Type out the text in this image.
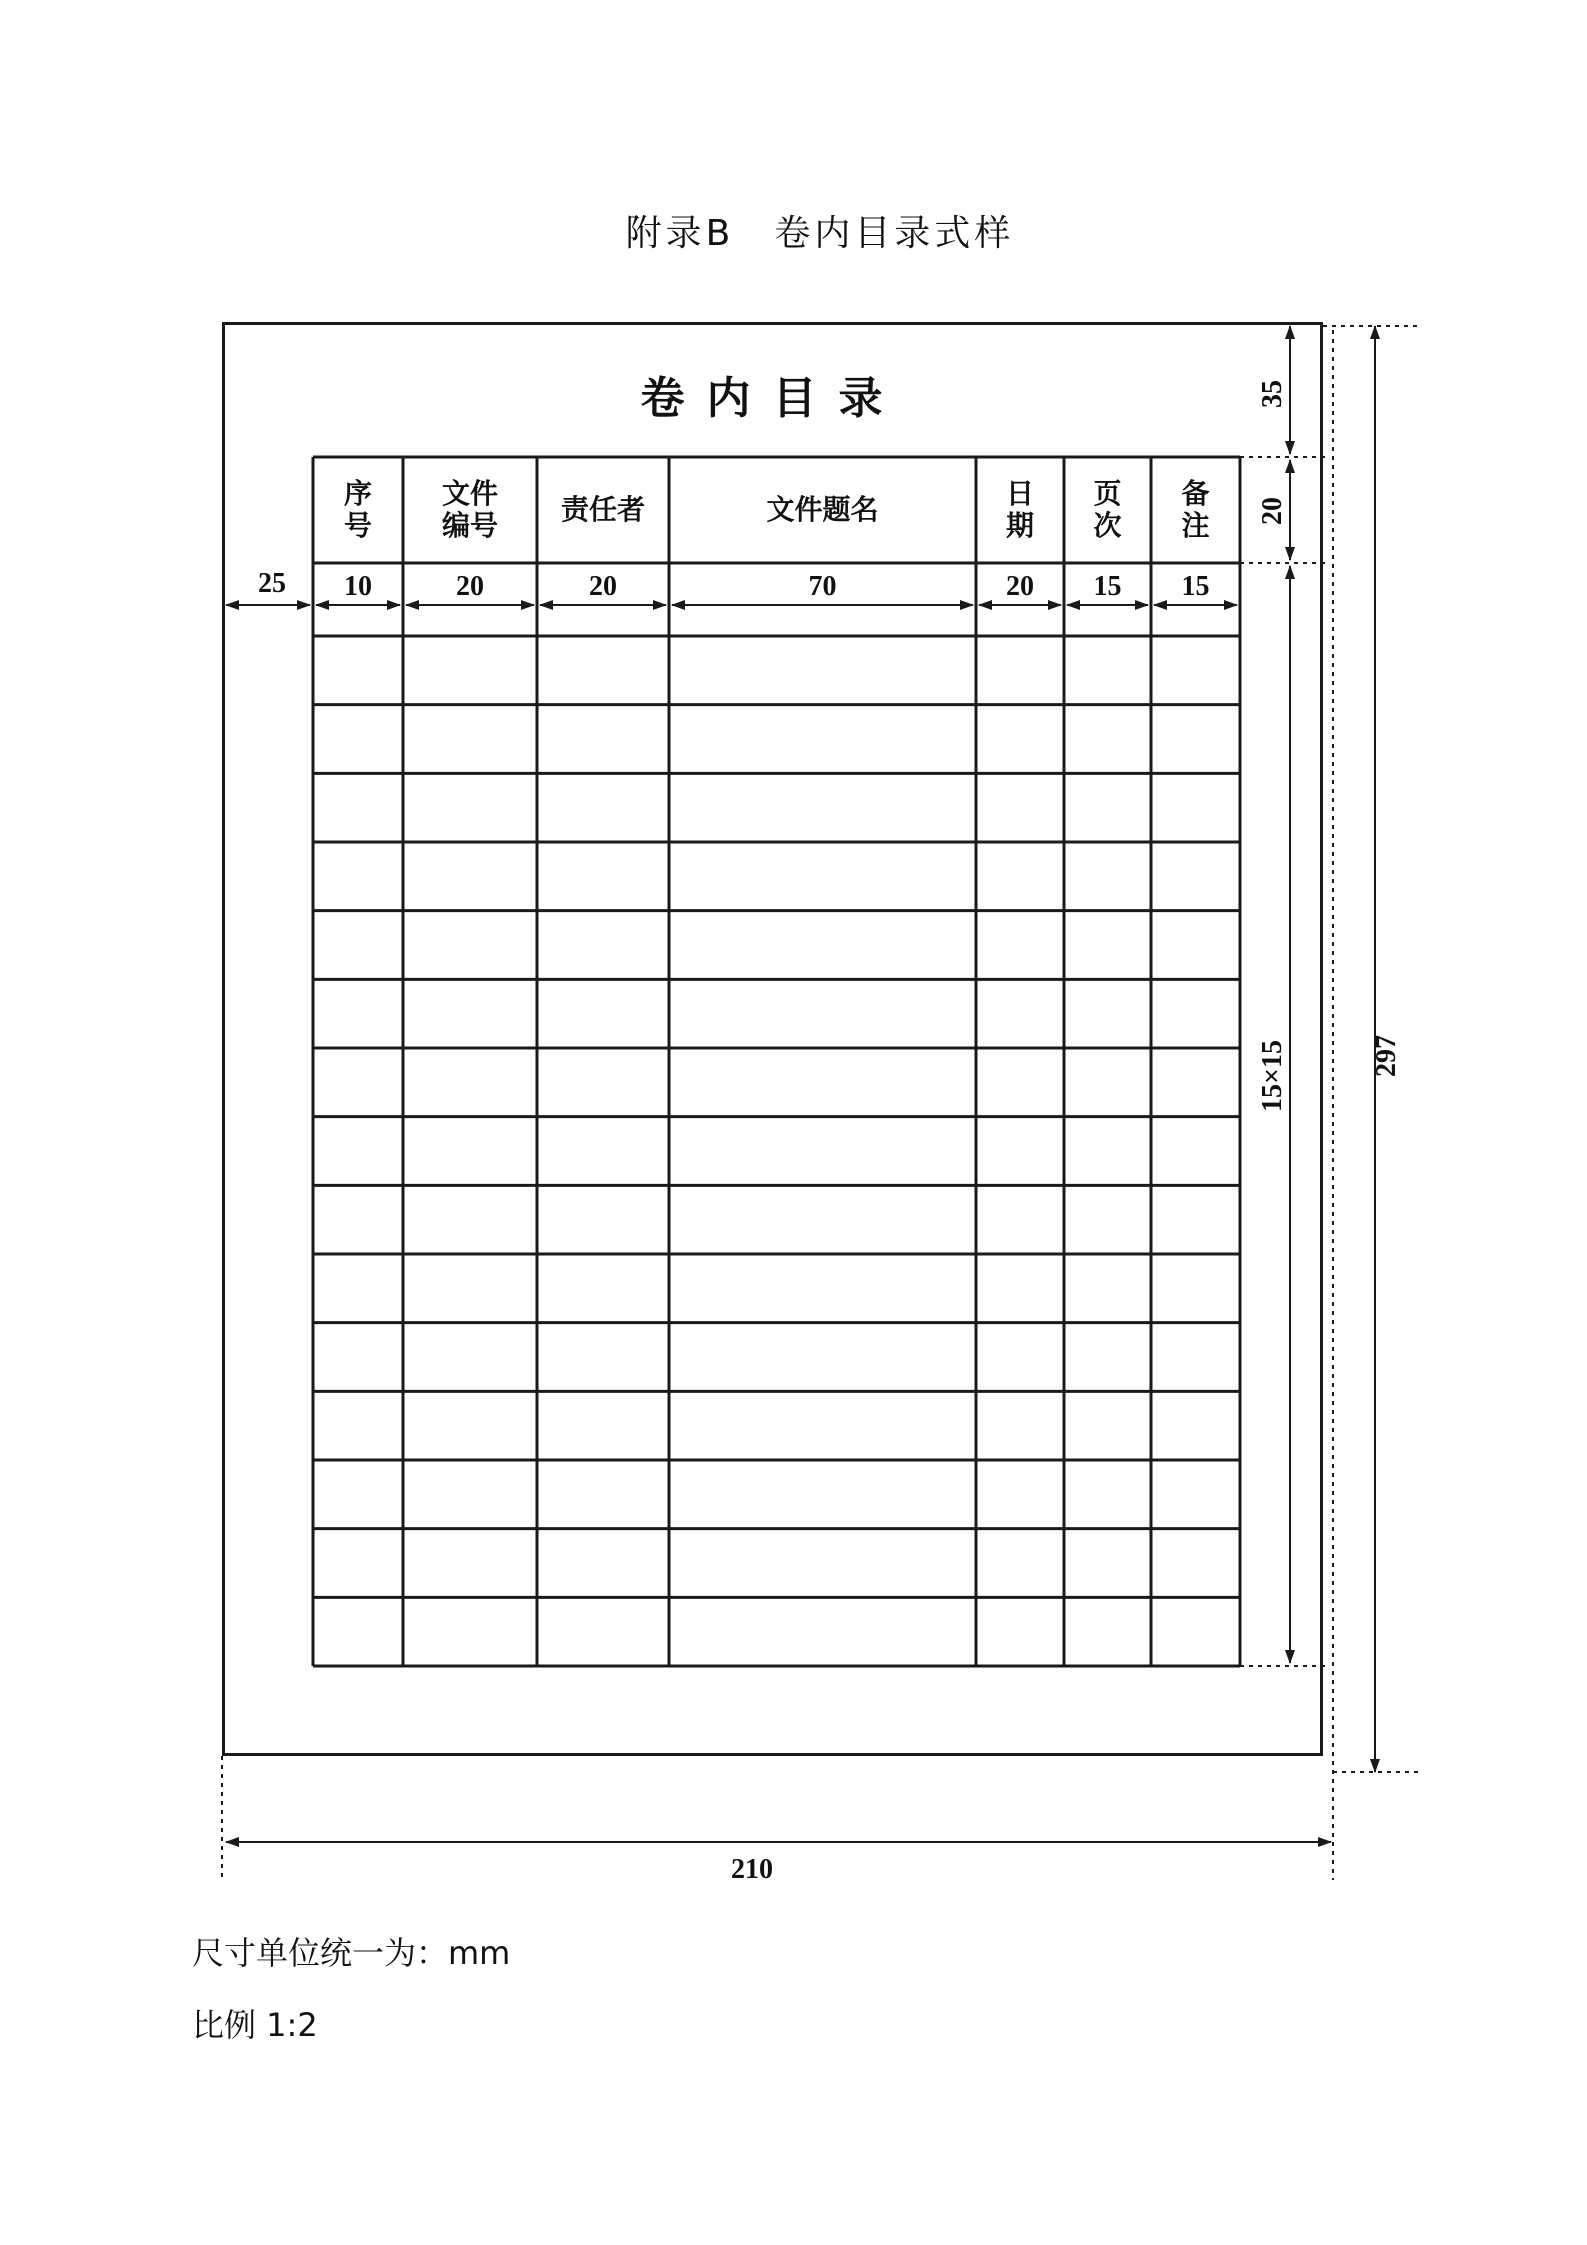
附录B　卷内目录式样
卷内目录
序号
10
文件编号
20
责任者
20
文件题名
70
日期
20
页次
15
备注
15
25
35
20
15×15	297
210
尺寸单位统一为：mm
比例 1:2
